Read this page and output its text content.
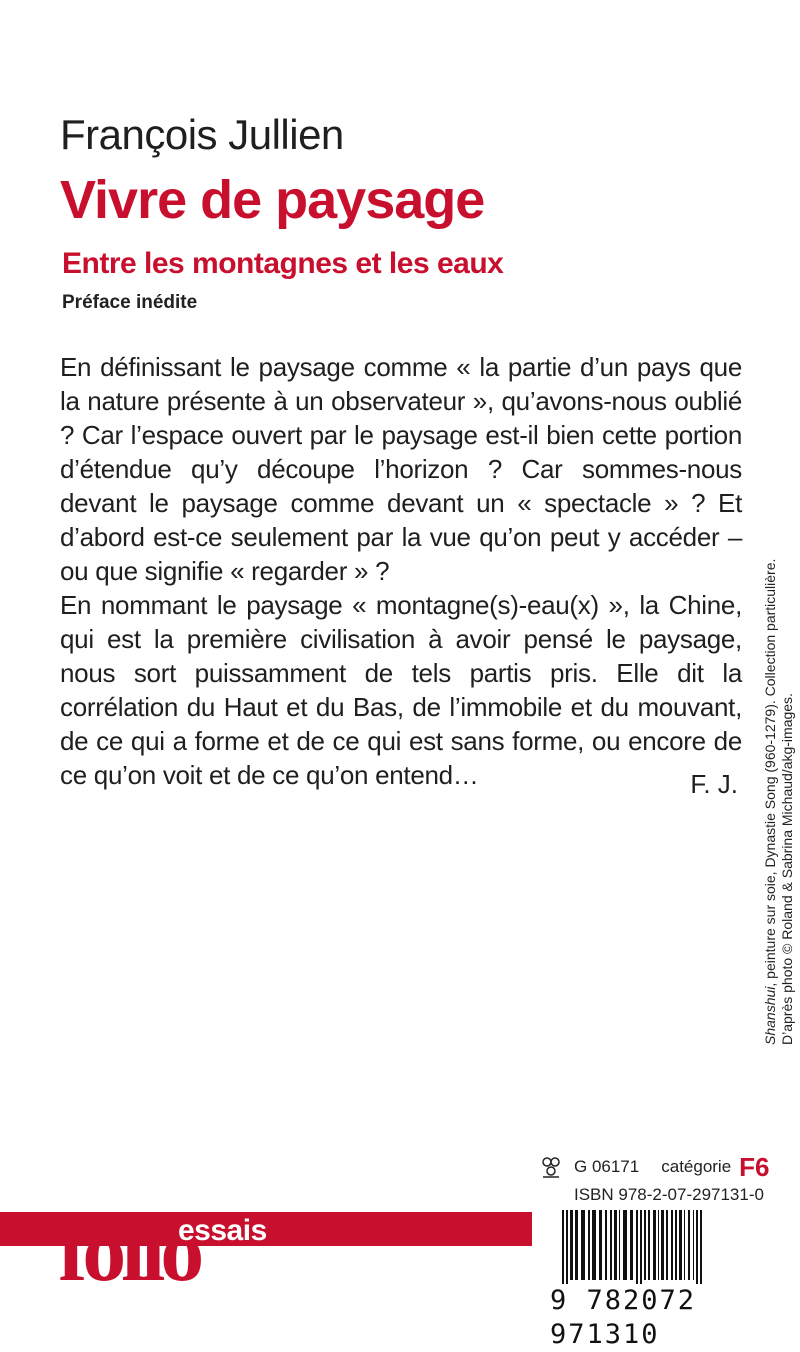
François Jullien
Vivre de paysage
Entre les montagnes et les eaux
Préface inédite

En définissant le paysage comme « la partie d’un pays que la nature présente à un observateur », qu’avons-nous oublié ? Car l’espace ouvert par le paysage est-il bien cette portion d’étendue qu’y découpe l’horizon ? Car sommes-nous devant le paysage comme devant un « spectacle » ? Et d’abord est-ce seulement par la vue qu’on peut y accéder – ou que signifie « regarder » ?

En nommant le paysage « montagne(s)-eau(x) », la Chine, qui est la première civilisation à avoir pensé le paysage, nous sort puissamment de tels partis pris. Elle dit la corrélation du Haut et du Bas, de l’immobile et du mouvant, de ce qui a forme et de ce qui est sans forme, ou encore de ce qu’on voit et de ce qu’on entend…	F. J.
Shanshui, peinture sur soie, Dynastie Song (960-1279). Collection particulière. D’après photo © Roland & Sabrina Michaud/akg-images.
G 06171 catégorie F6
ISBN 978-2-07-297131-0
folio
essais
9 782072 971310
